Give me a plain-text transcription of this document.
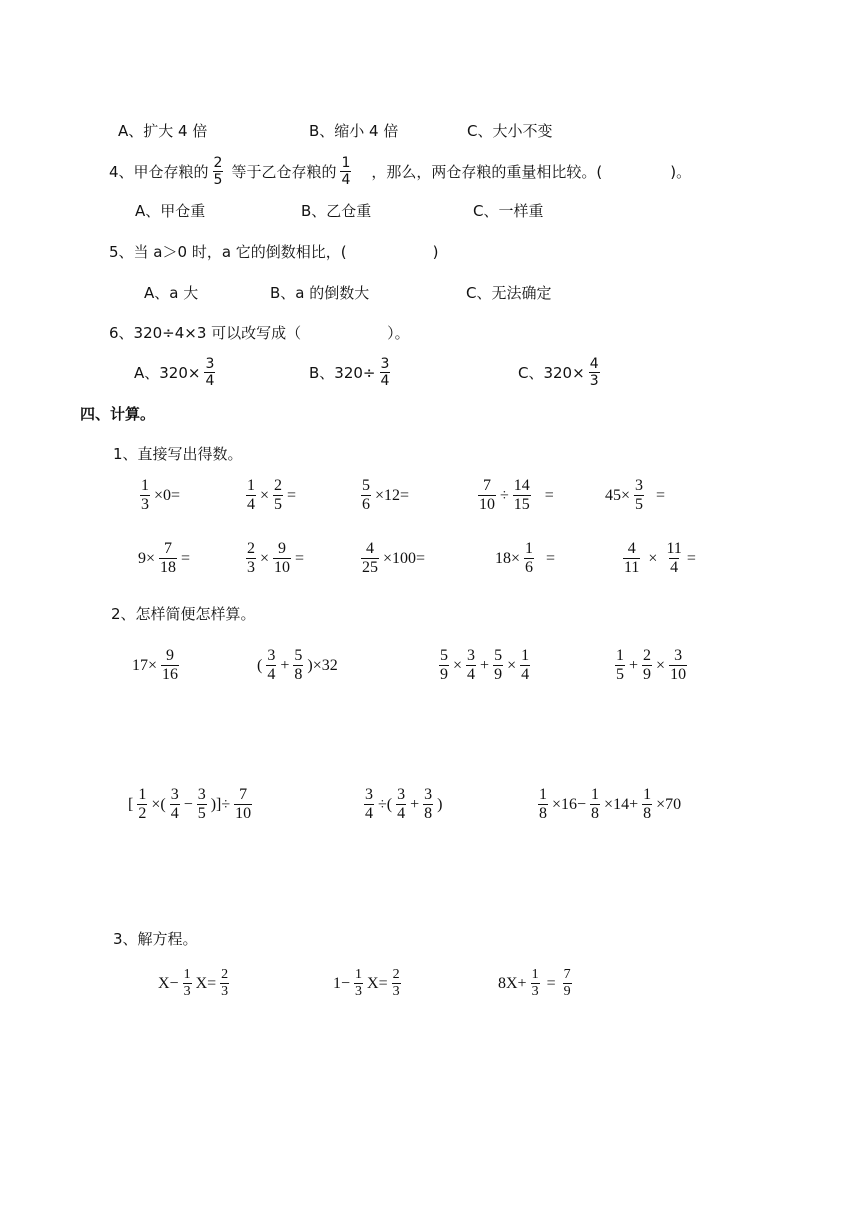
A、扩大 4 倍	B、缩小 4 倍	C、大小不变
4、甲仓存粮的 $\frac{2}{5}$ 等于乙仓存粮的 $\frac{1}{4}$ ，那么，两仓存粮的重量相比较。(	)。
A、甲仓重	B、乙仓重	C、一样重
5、当 a＞0 时，a 它的倒数相比，(	)
A、a 大	B、a 的倒数大	C、无法确定
6、320÷4×3 可以改写成（	）。
A、$320\times \frac{3}{4}$	B、$320\div \frac{3}{4}$	C、$320\times \frac{4}{3}$
四、计算。
1、直接写出得数。
$\frac{1}{3} \times 0=$	$\frac{1}{4} \times \frac{2}{5}$ =	$\frac{5}{6} \times 12=$	$\frac{7}{10} \div \frac{14}{15}$ =	$45\times \frac{3}{5}$ =
$9\times \frac{7}{18}$ =	$\frac{2}{3} \times \frac{9}{10}$ =	$\frac{4}{25} \times 100=$	$18\times \frac{1}{6}$ =	$\frac{4}{11} \times \frac{11}{4}$ =
2、怎样简便怎样算。
$17\times \frac{9}{16}$	( $\frac{3}{4} + \frac{5}{8} )\times 32$	$\frac{5}{9} \times \frac{3}{4} + \frac{5}{9} \times \frac{1}{4}$	$\frac{1}{5} + \frac{2}{9} \times \frac{3}{10}$
[ $\frac{1}{2}$ ×( $\frac{3}{4} - \frac{3}{5}$ )]÷ $\frac{7}{10}$	$\frac{3}{4}$ ÷( $\frac{3}{4} + \frac{3}{8}$ )	$\frac{1}{8} \times 16- \frac{1}{8} \times 14+ \frac{1}{8} \times 70$
3、解方程。
$X- \frac{1}{3} X= \frac{2}{3}$	$1- \frac{1}{3} X= \frac{2}{3}$	$8X+ \frac{1}{3} = \frac{7}{9}$
